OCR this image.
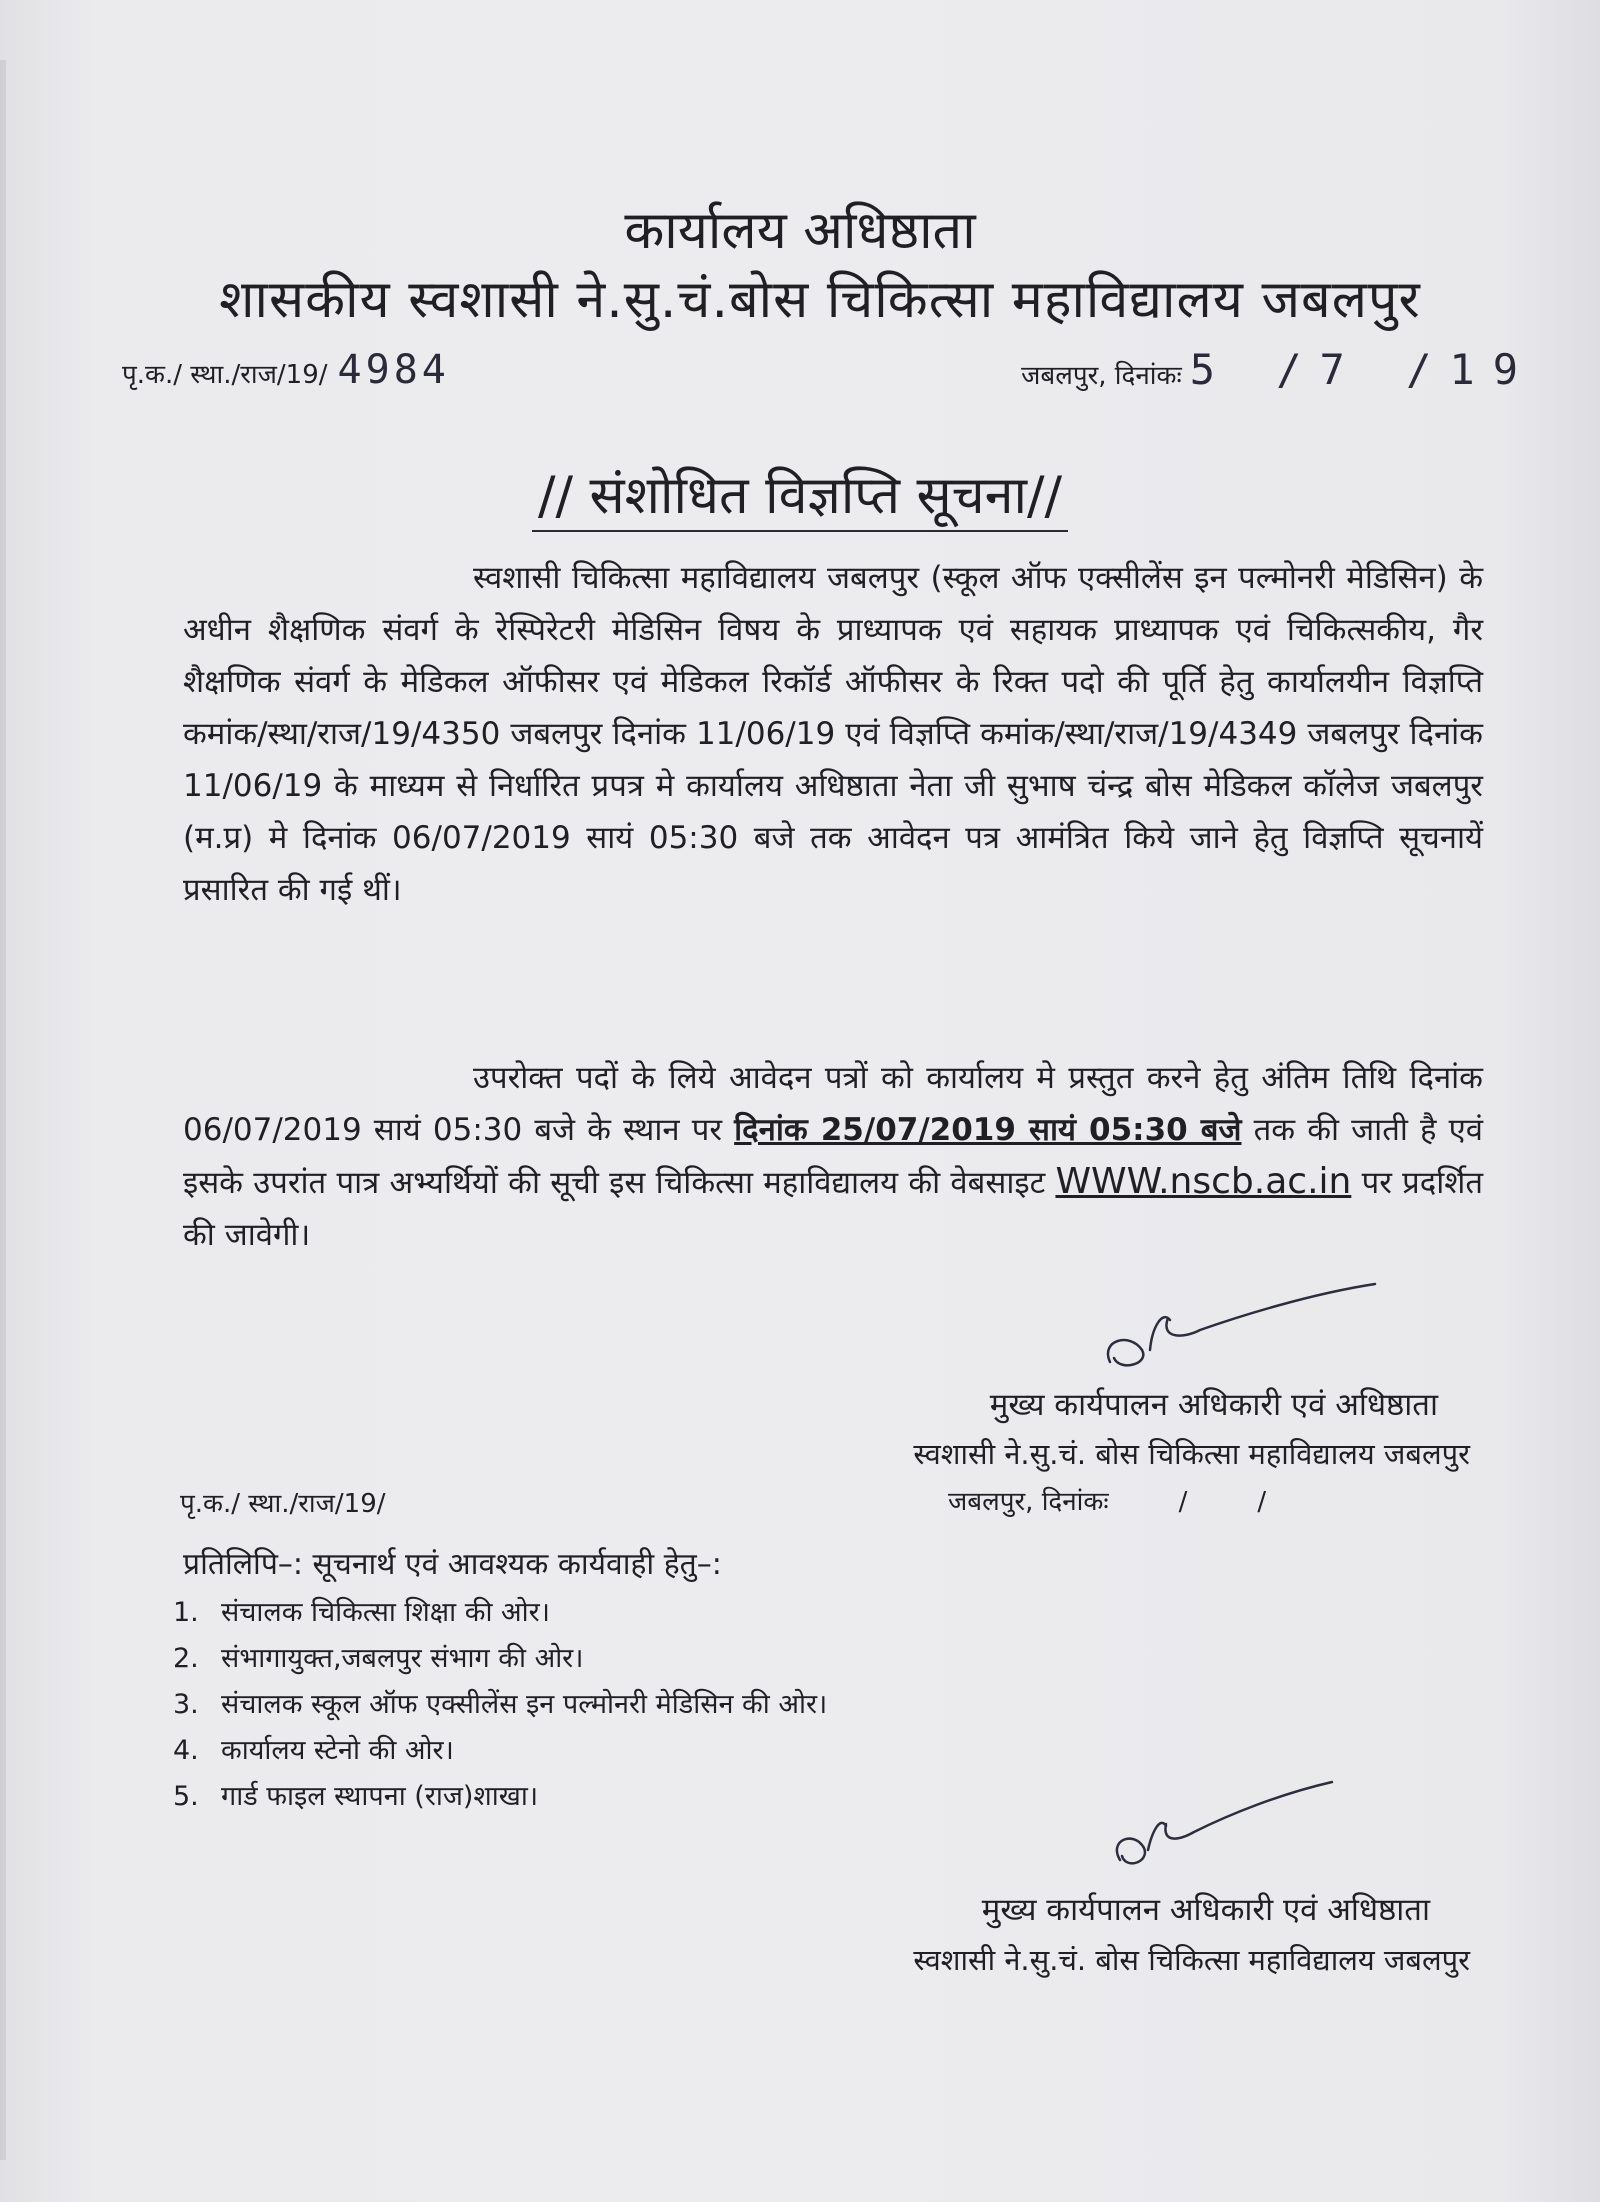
कार्यालय अधिष्ठाता
शासकीय स्वशासी ने.सु.चं.बोस चिकित्सा महाविद्यालय जबलपुर
पृ.क./ स्था./राज/19/ 4984	जबलपुर, दिनांकः 5 /7 /19
// संशोधित विज्ञप्ति सूचना//
स्वशासी चिकित्सा महाविद्यालय जबलपुर (स्कूल ऑफ एक्सीलेंस इन पल्मोनरी मेडिसिन) के अधीन शैक्षणिक संवर्ग के रेस्पिरेटरी मेडिसिन विषय के प्राध्यापक एवं सहायक प्राध्यापक एवं चिकित्सकीय, गैर शैक्षणिक संवर्ग के मेडिकल ऑफीसर एवं मेडिकल रिकॉर्ड ऑफीसर के रिक्त पदो की पूर्ति हेतु कार्यालयीन विज्ञप्ति कमांक/स्था/राज/19/4350 जबलपुर दिनांक 11/06/19 एवं विज्ञप्ति कमांक/स्था/राज/19/4349 जबलपुर दिनांक 11/06/19 के माध्यम से निर्धारित प्रपत्र मे कार्यालय अधिष्ठाता नेता जी सुभाष चंन्द्र बोस मेडिकल कॉलेज जबलपुर (म.प्र) मे दिनांक 06/07/2019 सायं 05:30 बजे तक आवेदन पत्र आमंत्रित किये जाने हेतु विज्ञप्ति सूचनायें प्रसारित की गई थीं।
उपरोक्त पदों के लिये आवेदन पत्रों को कार्यालय मे प्रस्तुत करने हेतु अंतिम तिथि दिनांक 06/07/2019 सायं 05:30 बजे के स्थान पर दिनांक 25/07/2019 सायं 05:30 बजे तक की जाती है एवं इसके उपरांत पात्र अभ्यर्थियों की सूची इस चिकित्सा महाविद्यालय की वेबसाइट WWW.nscb.ac.in पर प्रदर्शित की जावेगी।
मुख्य कार्यपालन अधिकारी एवं अधिष्ठाता
स्वशासी ने.सु.चं. बोस चिकित्सा महाविद्यालय जबलपुर
पृ.क./ स्था./राज/19/	जबलपुर, दिनांकः	/	/
प्रतिलिपि–: सूचनार्थ एवं आवश्यक कार्यवाही हेतु–:
1. संचालक चिकित्सा शिक्षा की ओर।
2. संभागायुक्त,जबलपुर संभाग की ओर।
3. संचालक स्कूल ऑफ एक्सीलेंस इन पल्मोनरी मेडिसिन की ओर।
4. कार्यालय स्टेनो की ओर।
5. गार्ड फाइल स्थापना (राज)शाखा।
मुख्य कार्यपालन अधिकारी एवं अधिष्ठाता
स्वशासी ने.सु.चं. बोस चिकित्सा महाविद्यालय जबलपुर
